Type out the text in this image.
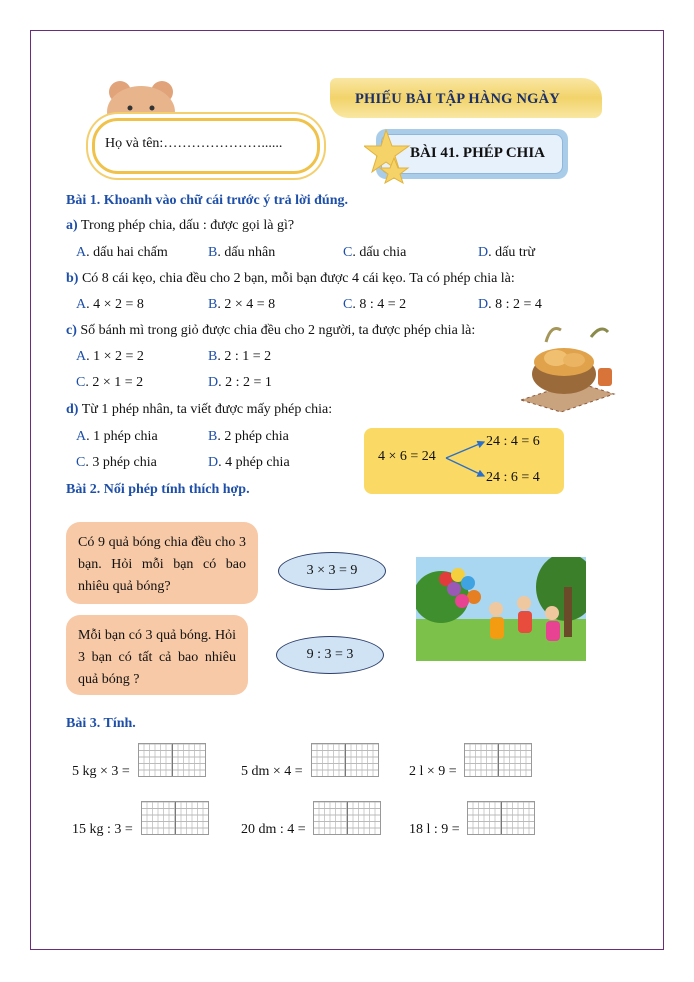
Họ và tên:…………………......
PHIẾU BÀI TẬP HÀNG NGÀY
BÀI 41. PHÉP CHIA
Bài 1. Khoanh vào chữ cái trước ý trả lời đúng.
a) Trong phép chia, dấu : được gọi là gì?
A. dấu hai chấm	B. dấu nhân	C. dấu chia	D. dấu trừ
b) Có 8 cái kẹo, chia đều cho 2 bạn, mỗi bạn được 4 cái kẹo. Ta có phép chia là:
A. 4 × 2 = 8	B. 2 × 4 = 8	C. 8 : 4 = 2	D. 8 : 2 = 4
c) Số bánh mì trong giỏ được chia đều cho 2 người, ta được phép chia là:
A. 1 × 2 = 2	B. 2 : 1 = 2
C. 2 × 1 = 2	D. 2 : 2 = 1
d) Từ 1 phép nhân, ta viết được mấy phép chia:
A. 1 phép chia	B. 2 phép chia
C. 3 phép chia	D. 4 phép chia	4 × 6 = 24
24 : 4 = 6
24 : 6 = 4
Bài 2. Nối phép tính thích hợp.
Có 9 quả bóng chia đều cho 3 bạn. Hỏi mỗi bạn có bao nhiêu quả bóng?
Mỗi bạn có 3 quả bóng. Hỏi 3 bạn có tất cả bao nhiêu quả bóng ?
3 × 3 = 9
9 : 3 = 3
Bài 3. Tính.
5 kg × 3 =	5 dm × 4 =	2 l × 9 =
15 kg : 3 =	20 dm : 4 =	18 l : 9 =
